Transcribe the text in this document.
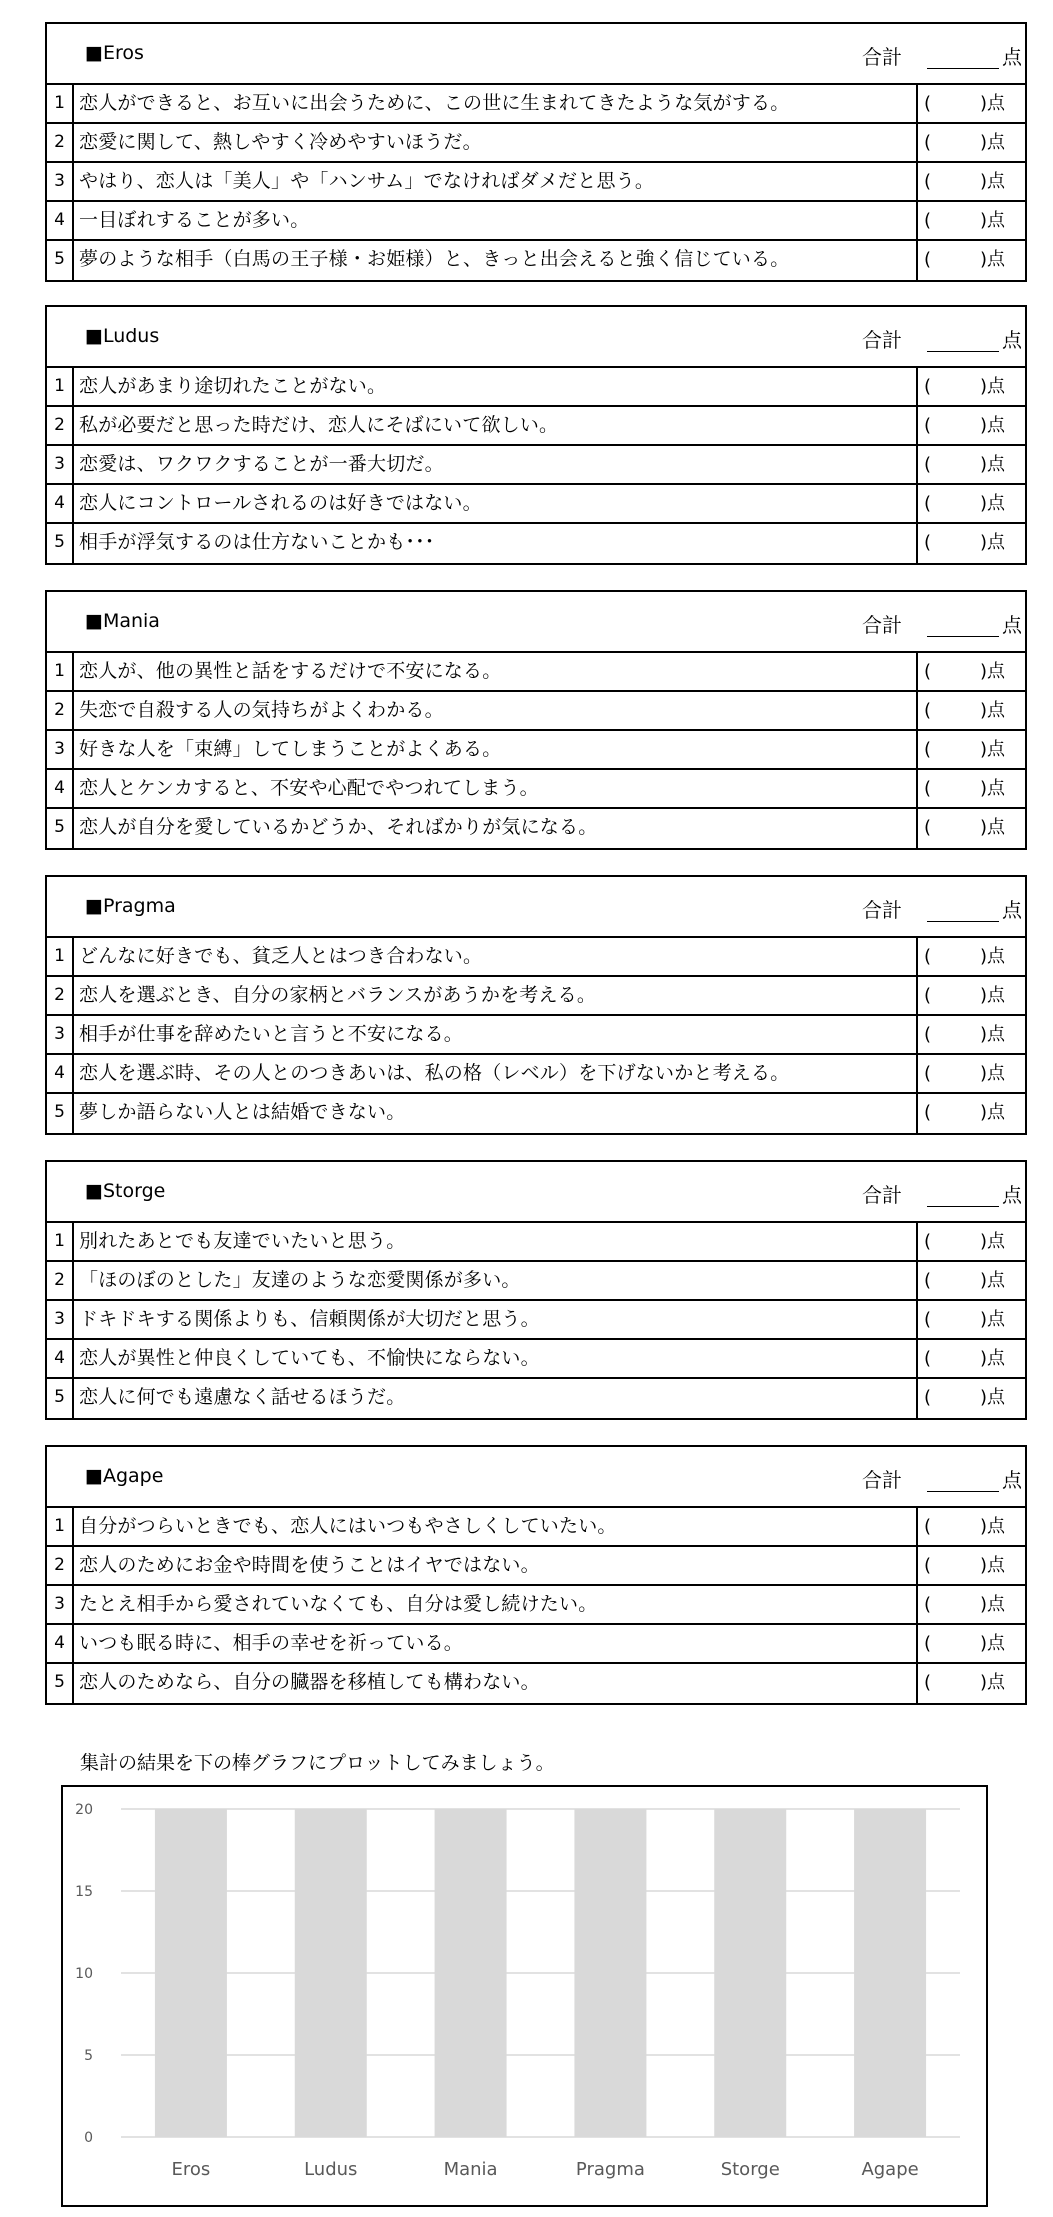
■Eros	合計	点
1 恋人ができると、お互いに出会うために、この世に生まれてきたような気がする。	(	)点
2 恋愛に関して、熱しやすく冷めやすいほうだ。	(	)点
3 やはり、恋人は「美人」や「ハンサム」でなければダメだと思う。	(	)点
4 一目ぼれすることが多い。	(	)点
5 夢のような相手（白馬の王子様・お姫様）と、きっと出会えると強く信じている。	(	)点
■Ludus	合計	点
1 恋人があまり途切れたことがない。	(	)点
2 私が必要だと思った時だけ、恋人にそばにいて欲しい。	(	)点
3 恋愛は、ワクワクすることが一番大切だ。	(	)点
4 恋人にコントロールされるのは好きではない。	(	)点
5 相手が浮気するのは仕方ないことかも･･･	(	)点
■Mania	合計	点
1 恋人が、他の異性と話をするだけで不安になる。	(	)点
2 失恋で自殺する人の気持ちがよくわかる。	(	)点
3 好きな人を「束縛」してしまうことがよくある。	(	)点
4 恋人とケンカすると、不安や心配でやつれてしまう。	(	)点
5 恋人が自分を愛しているかどうか、そればかりが気になる。	(	)点
■Pragma	合計	点
1 どんなに好きでも、貧乏人とはつき合わない。	(	)点
2 恋人を選ぶとき、自分の家柄とバランスがあうかを考える。	(	)点
3 相手が仕事を辞めたいと言うと不安になる。	(	)点
4 恋人を選ぶ時、その人とのつきあいは、私の格（レベル）を下げないかと考える。	(	)点
5 夢しか語らない人とは結婚できない。	(	)点
■Storge	合計	点
1 別れたあとでも友達でいたいと思う。	(	)点
2 「ほのぼのとした」友達のような恋愛関係が多い。	(	)点
3 ドキドキする関係よりも、信頼関係が大切だと思う。	(	)点
4 恋人が異性と仲良くしていても、不愉快にならない。	(	)点
5 恋人に何でも遠慮なく話せるほうだ。	(	)点
■Agape	合計	点
1 自分がつらいときでも、恋人にはいつもやさしくしていたい。	(	)点
2 恋人のためにお金や時間を使うことはイヤではない。	(	)点
3 たとえ相手から愛されていなくても、自分は愛し続けたい。	(	)点
4 いつも眠る時に、相手の幸せを祈っている。	(	)点
5 恋人のためなら、自分の臓器を移植しても構わない。	(	)点
集計の結果を下の棒グラフにプロットしてみましょう。
0
5
10
15
20
Eros	Ludus	Mania	Pragma	Storge	Agape
